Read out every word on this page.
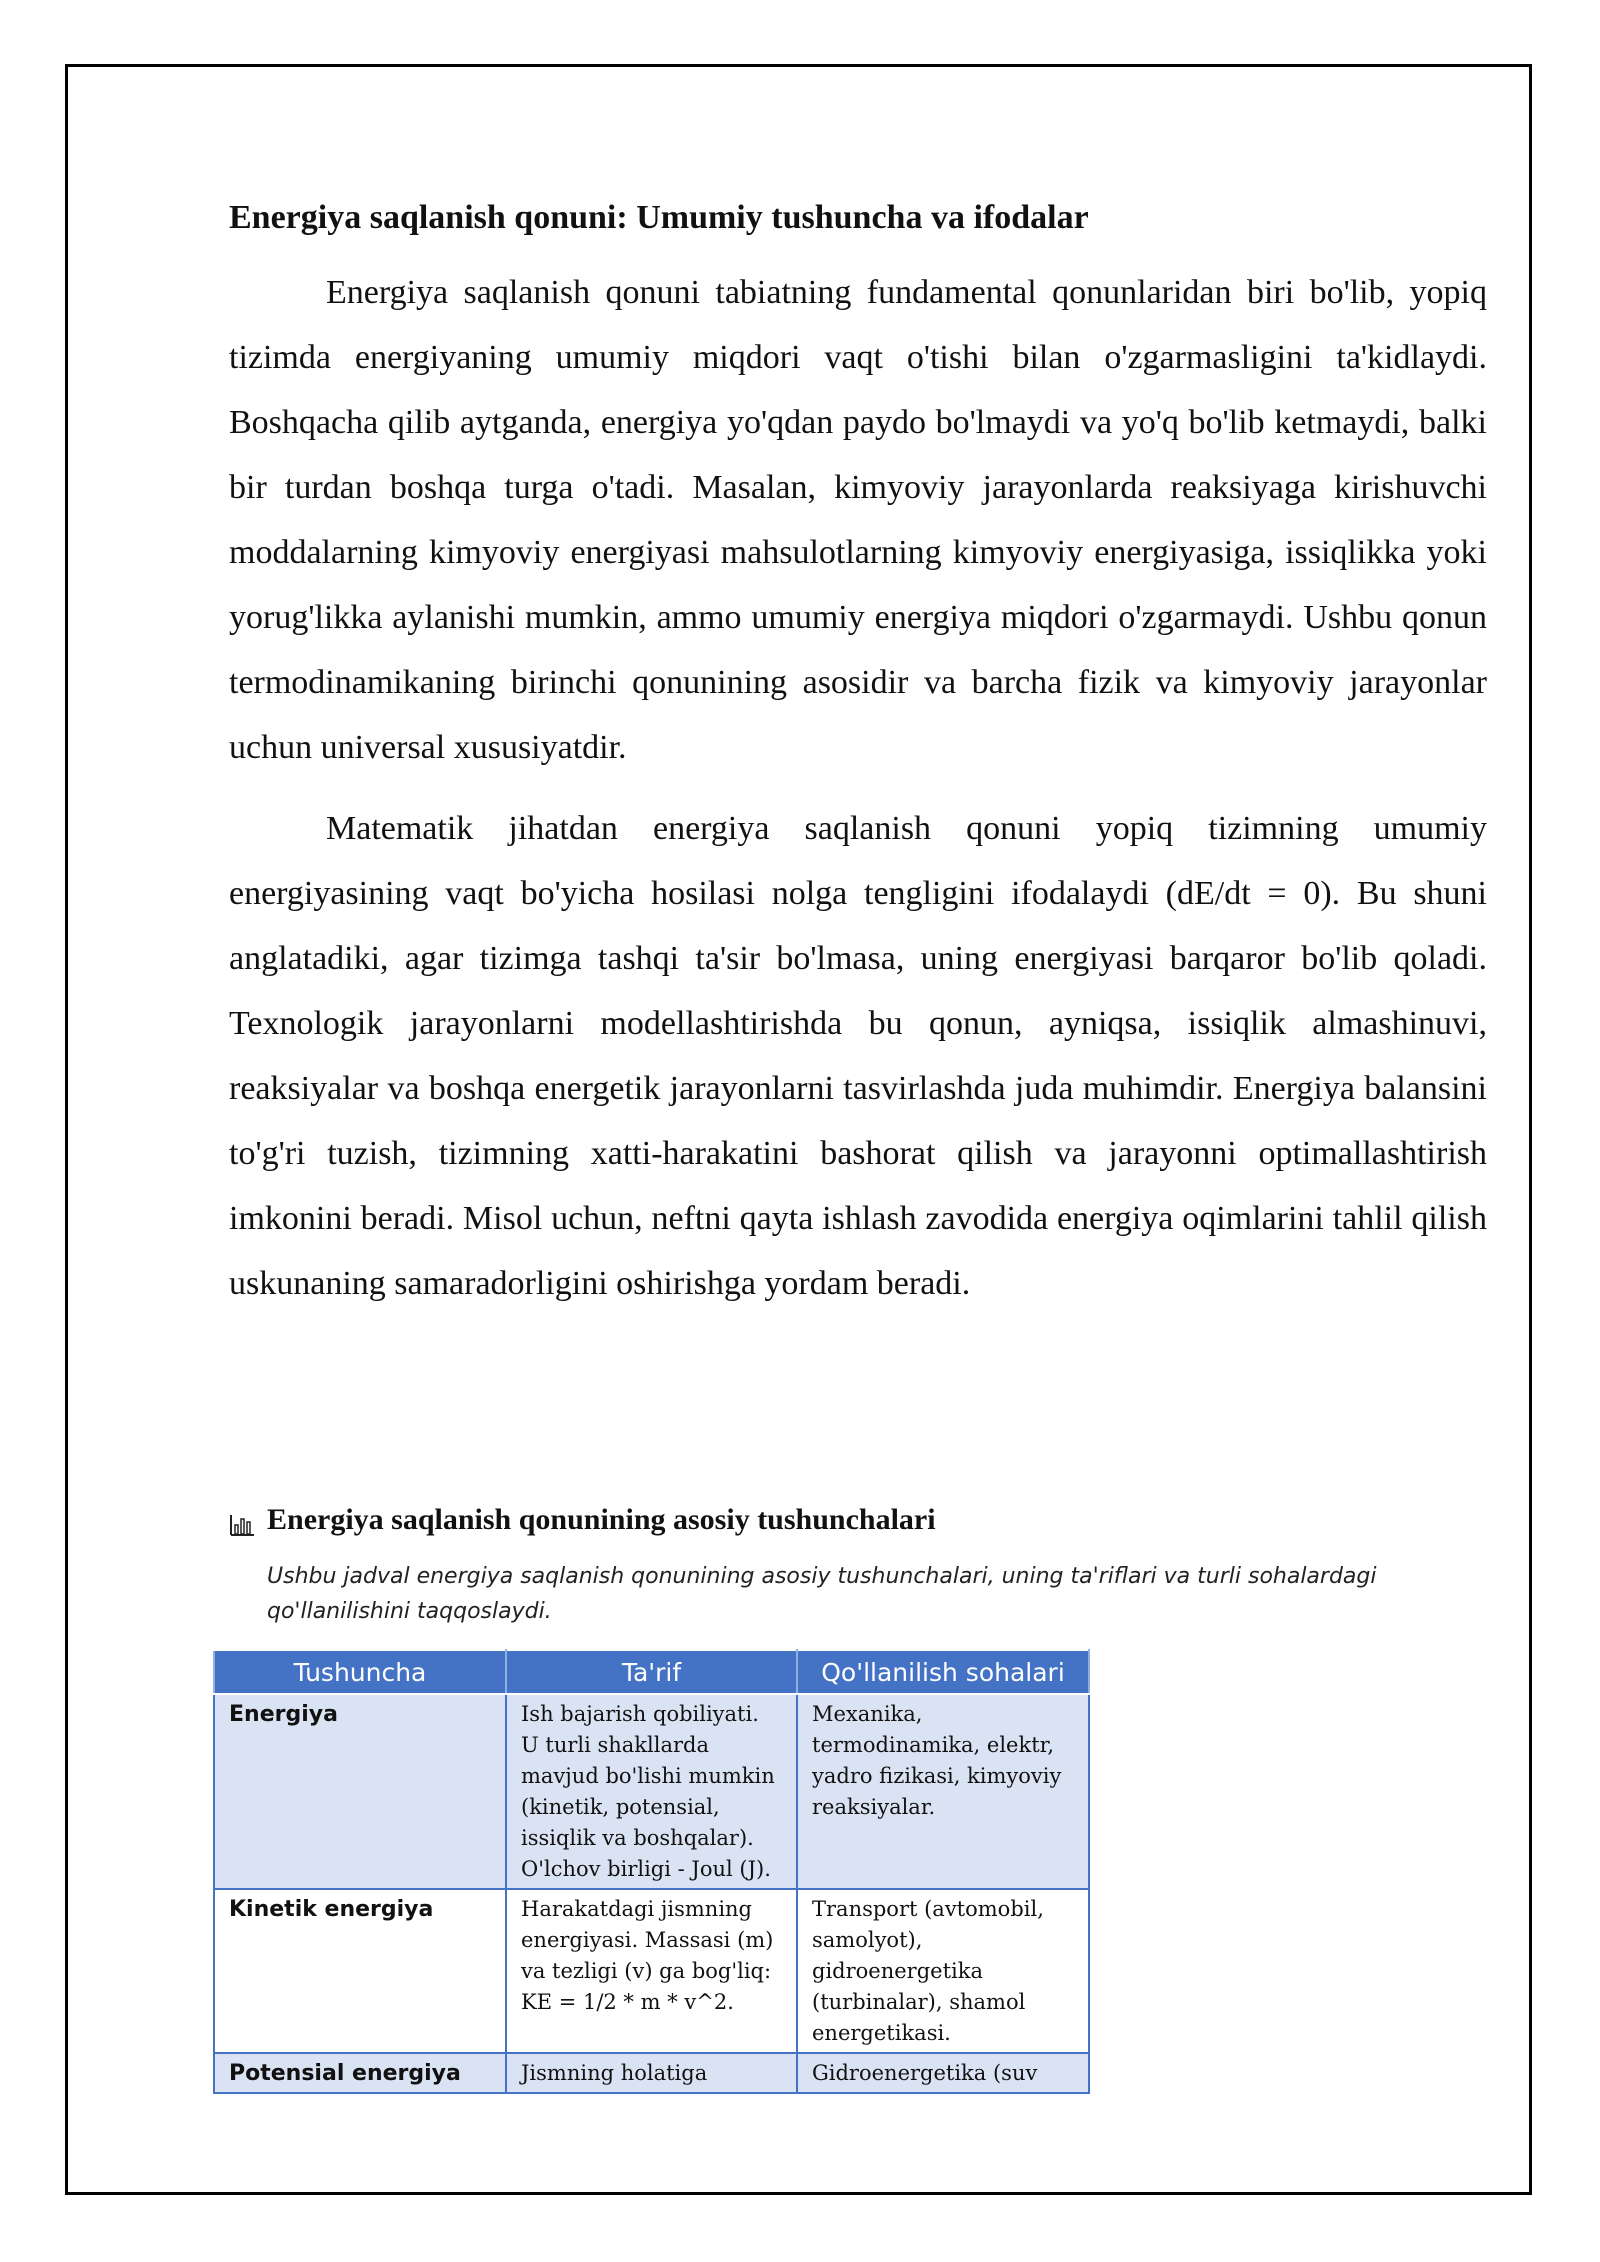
Energiya saqlanish qonuni: Umumiy tushuncha va ifodalar

Energiya saqlanish qonuni tabiatning fundamental qonunlaridan biri bo'lib, yopiq tizimda energiyaning umumiy miqdori vaqt o'tishi bilan o'zgarmasligini ta'kidlaydi. Boshqacha qilib aytganda, energiya yo'qdan paydo bo'lmaydi va yo'q bo'lib ketmaydi, balki bir turdan boshqa turga o'tadi. Masalan, kimyoviy jarayonlarda reaksiyaga kirishuvchi moddalarning kimyoviy energiyasi mahsulotlarning kimyoviy energiyasiga, issiqlikka yoki yorug'likka aylanishi mumkin, ammo umumiy energiya miqdori o'zgarmaydi. Ushbu qonun termodinamikaning birinchi qonunining asosidir va barcha fizik va kimyoviy jarayonlar uchun universal xususiyatdir.

Matematik jihatdan energiya saqlanish qonuni yopiq tizimning umumiy energiyasining vaqt bo'yicha hosilasi nolga tengligini ifodalaydi (dE/dt = 0). Bu shuni anglatadiki, agar tizimga tashqi ta'sir bo'lmasa, uning energiyasi barqaror bo'lib qoladi. Texnologik jarayonlarni modellashtirishda bu qonun, ayniqsa, issiqlik almashinuvi, reaksiyalar va boshqa energetik jarayonlarni tasvirlashda juda muhimdir. Energiya balansini to'g'ri tuzish, tizimning xatti-harakatini bashorat qilish va jarayonni optimallashtirish imkonini beradi. Misol uchun, neftni qayta ishlash zavodida energiya oqimlarini tahlil qilish uskunaning samaradorligini oshirishga yordam beradi.

Energiya saqlanish qonunining asosiy tushunchalari
Ushbu jadval energiya saqlanish qonunining asosiy tushunchalari, uning ta'riflari va turli sohalardagi qo'llanilishini taqqoslaydi.
Tushuncha	Ta'rif	Qo'llanilish sohalari
Energiya	Ish bajarish qobiliyati. U turli shakllarda mavjud bo'lishi mumkin (kinetik, potensial, issiqlik va boshqalar). O'lchov birligi - Joul (J).	Mexanika, termodinamika, elektr, yadro fizikasi, kimyoviy reaksiyalar.
Kinetik energiya	Harakatdagi jismning energiyasi. Massasi (m) va tezligi (v) ga bog'liq: KE = 1/2 * m * v^2.	Transport (avtomobil, samolyot), gidroenergetika (turbinalar), shamol energetikasi.
Potensial energiya	Jismning holatiga	Gidroenergetika (suv
